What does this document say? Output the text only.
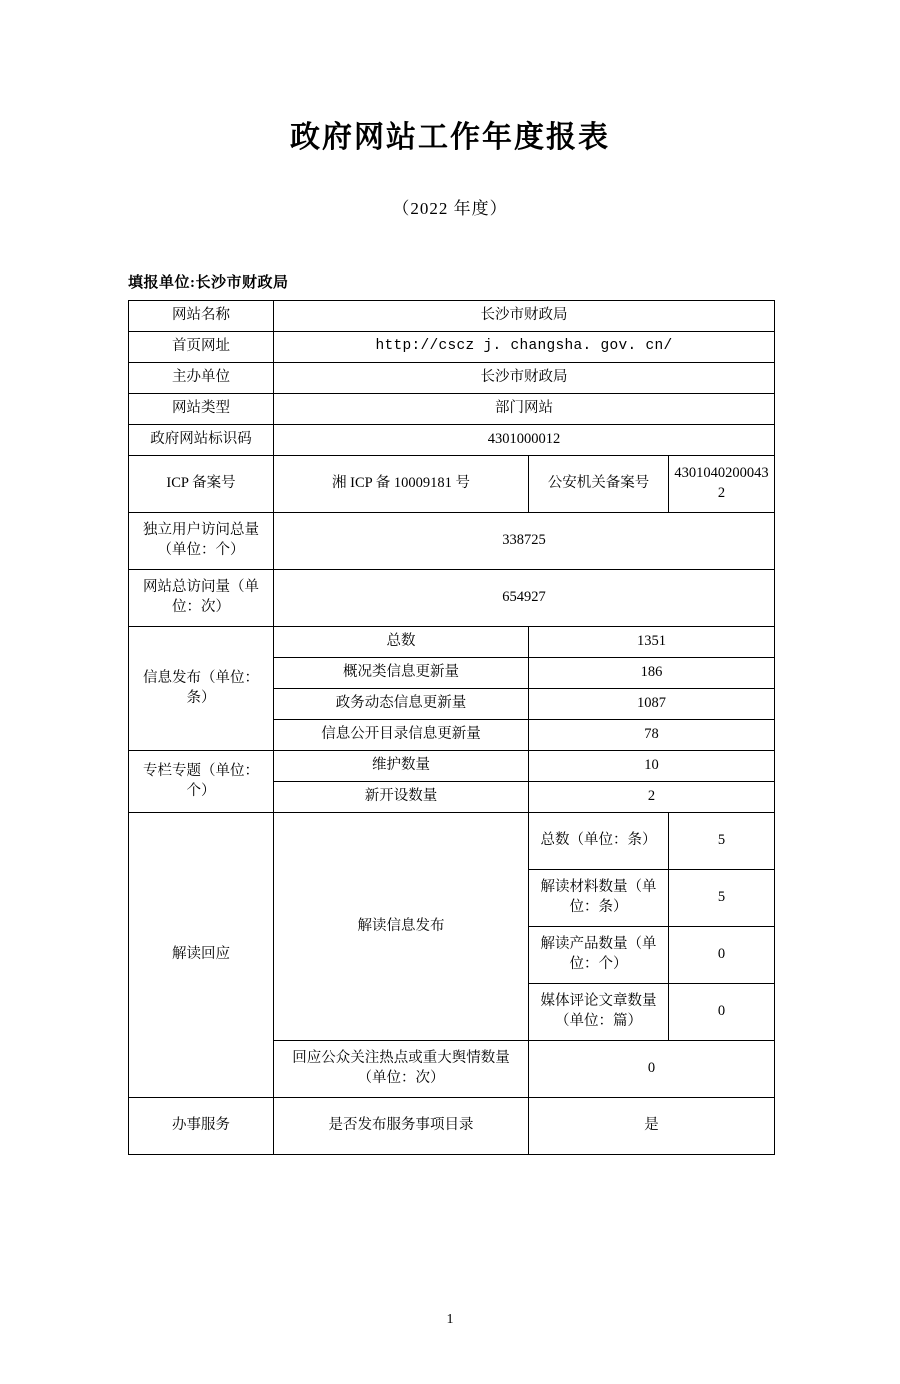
政府网站工作年度报表
（2022 年度）
填报单位:长沙市财政局
网站名称	长沙市财政局		
首页网址	http://cscz j. changsha. gov. cn/		
主办单位	长沙市财政局		
网站类型	部门网站		
政府网站标识码	4301000012		
ICP 备案号	湘 ICP 备 10009181 号	公安机关备案号	43010402000432
独立用户访问总量（单位：个）	338725		
网站总访问量（单位：次）	654927		
信息发布（单位：条）	总数	1351	
	概况类信息更新量	186	
	政务动态信息更新量	1087	
	信息公开目录信息更新量	78	
专栏专题（单位：个）	维护数量	10	
	新开设数量	2	
解读回应	解读信息发布	总数（单位：条）	5
		解读材料数量（单位：条）	5
		解读产品数量（单位：个）	0
		媒体评论文章数量（单位：篇）	0
	回应公众关注热点或重大舆情数量（单位：次）	0	
办事服务	是否发布服务事项目录	是	
1
